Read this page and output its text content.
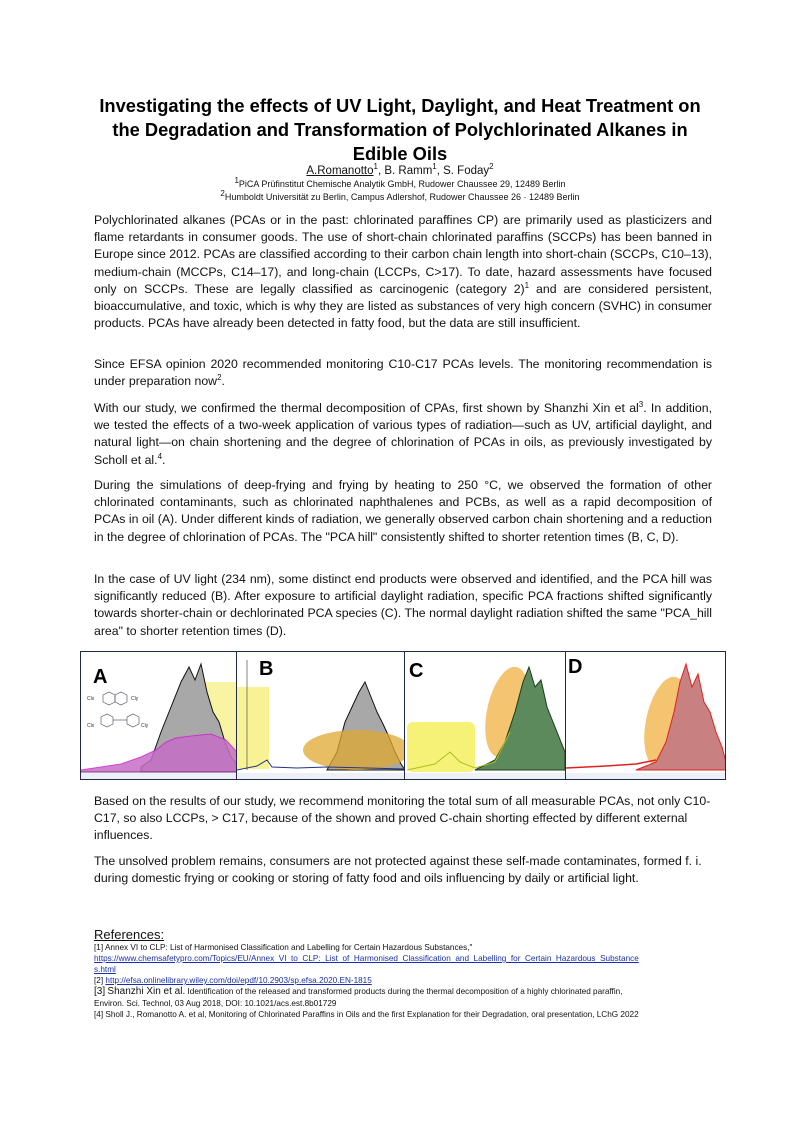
Investigating the effects of UV Light, Daylight, and Heat Treatment on
the Degradation and Transformation of Polychlorinated Alkanes in
Edible Oils
A.Romanotto$^1$, B. Ramm$^1$, S. Foday$^2$
$^1$PiCA Prüfinstitut Chemische Analytik GmbH, Rudower Chaussee 29, 12489 Berlin
$^2$Humboldt Universität zu Berlin, Campus Adlershof, Rudower Chaussee 26 · 12489 Berlin

Polychlorinated alkanes (PCAs or in the past: chlorinated paraffines CP) are primarily used as plasticizers and flame retardants in consumer goods. The use of short-chain chlorinated paraffins (SCCPs) has been banned in Europe since 2012. PCAs are classified according to their carbon chain length into short-chain (SCCPs, C10–13), medium-chain (MCCPs, C14–17), and long-chain (LCCPs, C>17). To date, hazard assessments have focused only on SCCPs. These are legally classified as carcinogenic (category 2)$^1$ and are considered persistent, bioaccumulative, and toxic, which is why they are listed as substances of very high concern (SVHC) in consumer products. PCAs have already been detected in fatty food, but the data are still insufficient.

Since EFSA opinion 2020 recommended monitoring C10-C17 PCAs levels. The monitoring recommendation is under preparation now$^2$.

With our study, we confirmed the thermal decomposition of CPAs, first shown by Shanzhi Xin et $al^3$. In addition, we tested the effects of a two-week application of various types of radiation—such as UV, artificial daylight, and natural light—on chain shortening and the degree of chlorination of PCAs in oils, as previously investigated by Scholl et al.$^4$.

During the simulations of deep-frying and frying by heating to 250 °C, we observed the formation of other chlorinated contaminants, such as chlorinated naphthalenes and PCBs, as well as a rapid decomposition of PCAs in oil (A). Under different kinds of radiation, we generally observed carbon chain shortening and a reduction in the degree of chlorination of PCAs. The "PCA hill" consistently shifted to shorter retention times (B, C, D).

In the case of UV light (234 nm), some distinct end products were observed and identified, and the PCA hill was significantly reduced (B). After exposure to artificial daylight radiation, specific PCA fractions shifted significantly towards shorter-chain or dechlorinated PCA species (C). The normal daylight radiation shifted the same "PCA_hill area" to shorter retention times (D).

Clx	Cly
Clx	Cly
A	B	C	D

Based on the results of our study, we recommend monitoring the total sum of all measurable PCAs, not only C10-C17, so also LCCPs, > C17, because of the shown and proved C-chain shorting effected by different external influences.

The unsolved problem remains, consumers are not protected against these self-made contaminates, formed f. i. during domestic frying or cooking or storing of fatty food and oils influencing by daily or artificial light.

References:
[1] Annex VI to CLP: List of Harmonised Classification and Labelling for Certain Hazardous Substances,"
https://www.chemsafetypro.com/Topics/EU/Annex_VI_to_CLP:_List_of_Harmonised_Classification_and_Labelling_for_Certain_Hazardous_Substance
s.html
[2] http://efsa.onlinelibrary.wiley.com/doi/epdf/10.2903/sp.efsa.2020.EN-1815
[3] Shanzhi Xin et al. Identification of the released and transformed products during the thermal decomposition of a highly chlorinated paraffin,
Environ. Sci. Technol, 03 Aug 2018, DOI: 10.1021/acs.est.8b01729
[4] Sholl J., Romanotto A. et al, Monitoring of Chlorinated Paraffins in Oils and the first Explanation for their Degradation, oral presentation, LChG 2022
